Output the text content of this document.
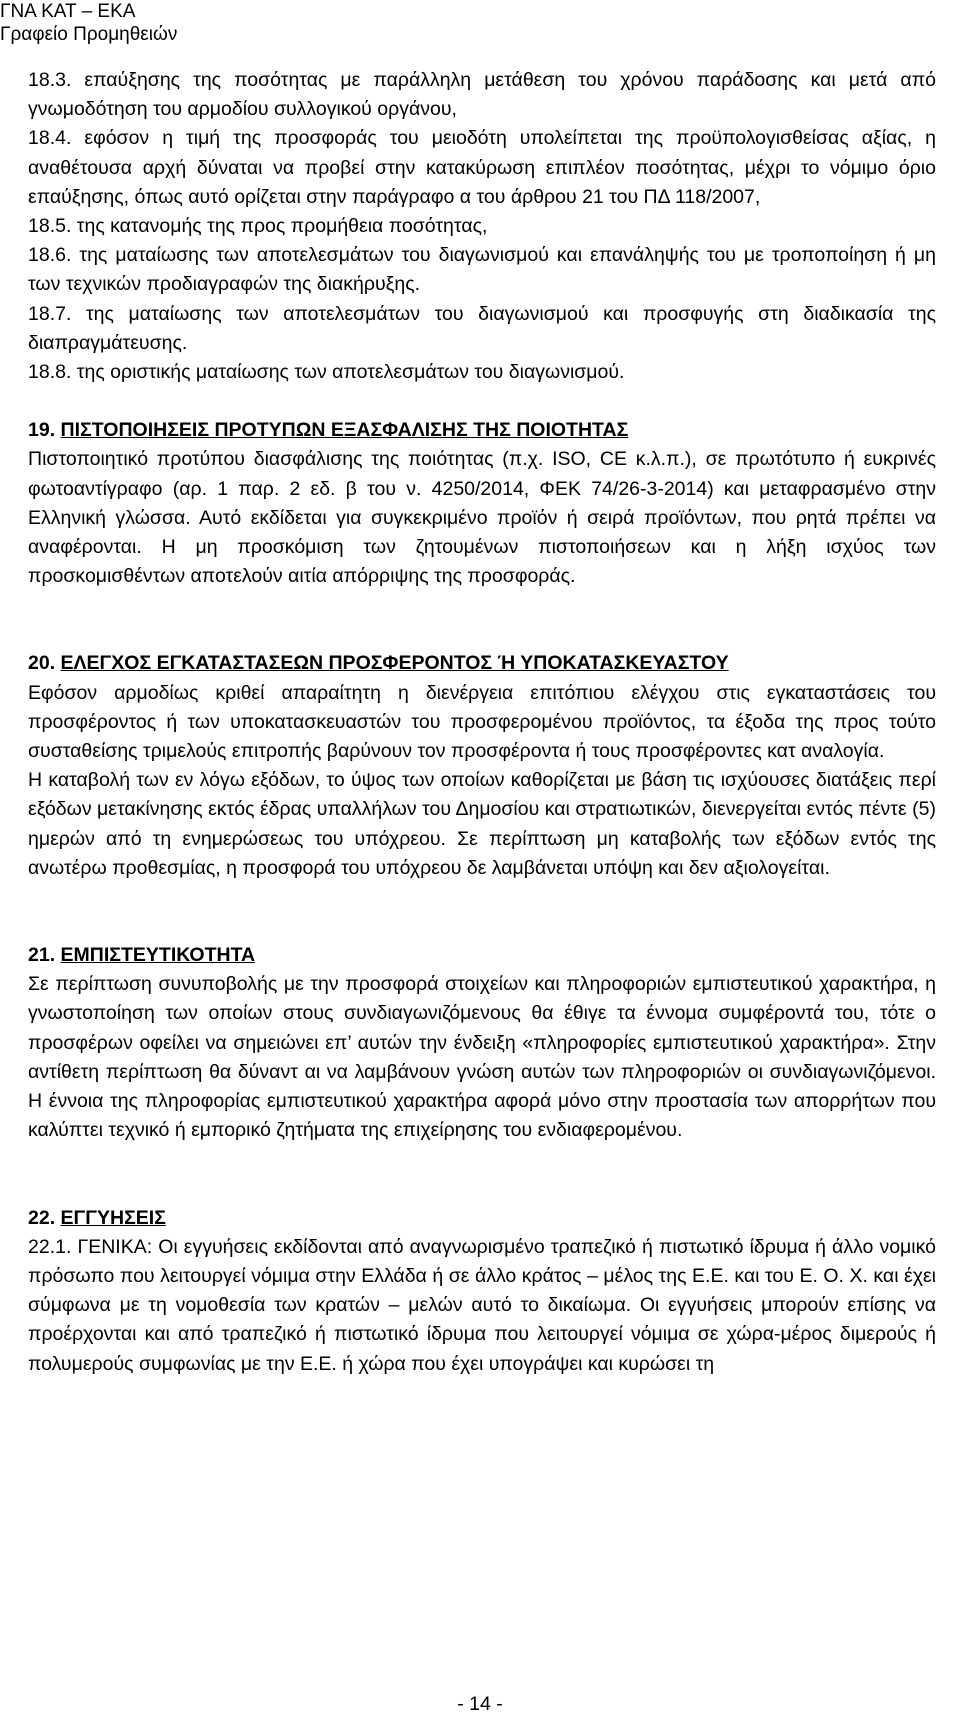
ΓΝΑ ΚΑΤ – ΕΚΑ
Γραφείο Προμηθειών

18.3. επαύξησης της ποσότητας με παράλληλη μετάθεση του χρόνου παράδοσης και μετά από γνωμοδότηση του αρμοδίου συλλογικού οργάνου,

18.4. εφόσον η τιμή της προσφοράς του μειοδότη υπολείπεται της προϋπολογισθείσας αξίας, η αναθέτουσα αρχή δύναται να προβεί στην κατακύρωση επιπλέον ποσότητας, μέχρι το νόμιμο όριο επαύξησης, όπως αυτό ορίζεται στην παράγραφο α του άρθρου 21 του ΠΔ 118/2007,

18.5. της κατανομής της προς προμήθεια ποσότητας,

18.6. της ματαίωσης των αποτελεσμάτων του διαγωνισμού και επανάληψής του με τροποποίηση ή μη των τεχνικών προδιαγραφών της διακήρυξης.

18.7. της ματαίωσης των αποτελεσμάτων του διαγωνισμού και προσφυγής στη διαδικασία της διαπραγμάτευσης.

18.8. της οριστικής ματαίωσης των αποτελεσμάτων του διαγωνισμού.

19. ΠΙΣΤΟΠΟΙΗΣΕΙΣ ΠΡΟΤΥΠΩΝ ΕΞΑΣΦΑΛΙΣΗΣ ΤΗΣ ΠΟΙΟΤΗΤΑΣ

Πιστοποιητικό προτύπου διασφάλισης της ποιότητας (π.χ. ISO, CE κ.λ.π.), σε πρωτότυπο ή ευκρινές φωτοαντίγραφο (αρ. 1 παρ. 2 εδ. β του ν. 4250/2014, ΦΕΚ 74/26-3-2014) και μεταφρασμένο στην Ελληνική γλώσσα. Αυτό εκδίδεται για συγκεκριμένο προϊόν ή σειρά προϊόντων, που ρητά πρέπει να αναφέρονται. Η μη προσκόμιση των ζητουμένων πιστοποιήσεων και η λήξη ισχύος των προσκομισθέντων αποτελούν αιτία απόρριψης της προσφοράς.

20. ΕΛΕΓΧΟΣ ΕΓΚΑΤΑΣΤΑΣΕΩΝ ΠΡΟΣΦΕΡΟΝΤΟΣ Ή ΥΠΟΚΑΤΑΣΚΕΥΑΣΤΟΥ

Εφόσον αρμοδίως κριθεί απαραίτητη η διενέργεια επιτόπιου ελέγχου στις εγκαταστάσεις του προσφέροντος ή των υποκατασκευαστών του προσφερομένου προϊόντος, τα έξοδα της προς τούτο συσταθείσης τριμελούς επιτροπής βαρύνουν τον προσφέροντα ή τους προσφέροντες κατ αναλογία.

Η καταβολή των εν λόγω εξόδων, το ύψος των οποίων καθορίζεται με βάση τις ισχύουσες διατάξεις περί εξόδων μετακίνησης εκτός έδρας υπαλλήλων του Δημοσίου και στρατιωτικών, διενεργείται εντός πέντε (5) ημερών από τη ενημερώσεως του υπόχρεου. Σε περίπτωση μη καταβολής των εξόδων εντός της ανωτέρω προθεσμίας, η προσφορά του υπόχρεου δε λαμβάνεται υπόψη και δεν αξιολογείται.

21. ΕΜΠΙΣΤΕΥΤΙΚΟΤΗΤΑ

Σε περίπτωση συνυποβολής με την προσφορά στοιχείων και πληροφοριών εμπιστευτικού χαρακτήρα, η γνωστοποίηση των οποίων στους συνδιαγωνιζόμενους θα έθιγε τα έννομα συμφέροντά του, τότε ο προσφέρων οφείλει να σημειώνει επ’ αυτών την ένδειξη «πληροφορίες εμπιστευτικού χαρακτήρα». Στην αντίθετη περίπτωση θα δύναντ αι να λαμβάνουν γνώση αυτών των πληροφοριών οι συνδιαγωνιζόμενοι. Η έννοια της πληροφορίας εμπιστευτικού χαρακτήρα αφορά μόνο στην προστασία των απορρήτων που καλύπτει τεχνικό ή εμπορικό ζητήματα της επιχείρησης του ενδιαφερομένου.

22. ΕΓΓΥΗΣΕΙΣ

22.1. ΓΕΝΙΚΑ: Οι εγγυήσεις εκδίδονται από αναγνωρισμένο τραπεζικό ή πιστωτικό ίδρυμα ή άλλο νομικό πρόσωπο που λειτουργεί νόμιμα στην Ελλάδα ή σε άλλο κράτος – μέλος της Ε.Ε. και του Ε. Ο. Χ. και έχει σύμφωνα με τη νομοθεσία των κρατών – μελών αυτό το δικαίωμα. Οι εγγυήσεις μπορούν επίσης να προέρχονται και από τραπεζικό ή πιστωτικό ίδρυμα που λειτουργεί νόμιμα σε χώρα-μέρος διμερούς ή πολυμερούς συμφωνίας με την Ε.Ε. ή χώρα που έχει υπογράψει και κυρώσει τη

- 14 -
